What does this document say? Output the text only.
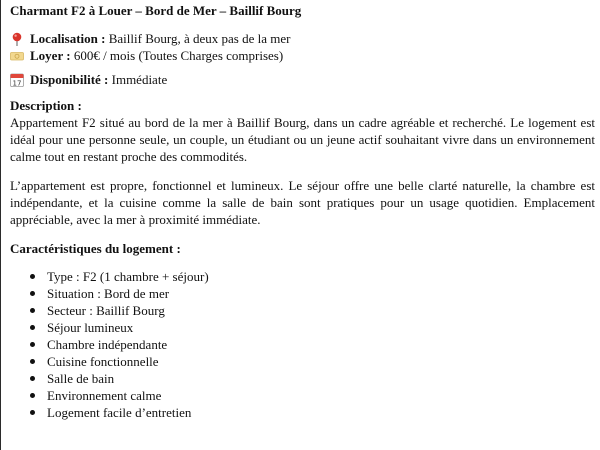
Charmant F2 à Louer – Bord de Mer – Baillif Bourg
Localisation : Baillif Bourg, à deux pas de la mer
Loyer : 600€ / mois (Toutes Charges comprises)
17 Disponibilité : Immédiate
Description :

Appartement F2 situé au bord de la mer à Baillif Bourg, dans un cadre agréable et recherché. Le logement est idéal pour une personne seule, un couple, un étudiant ou un jeune actif souhaitant vivre dans un environnement calme tout en restant proche des commodités.

L’appartement est propre, fonctionnel et lumineux. Le séjour offre une belle clarté naturelle, la chambre est indépendante, et la cuisine comme la salle de bain sont pratiques pour un usage quotidien. Emplacement appréciable, avec la mer à proximité immédiate.

Caractéristiques du logement :
Type : F2 (1 chambre + séjour)
Situation : Bord de mer
Secteur : Baillif Bourg
Séjour lumineux
Chambre indépendante
Cuisine fonctionnelle
Salle de bain
Environnement calme
Logement facile d’entretien
